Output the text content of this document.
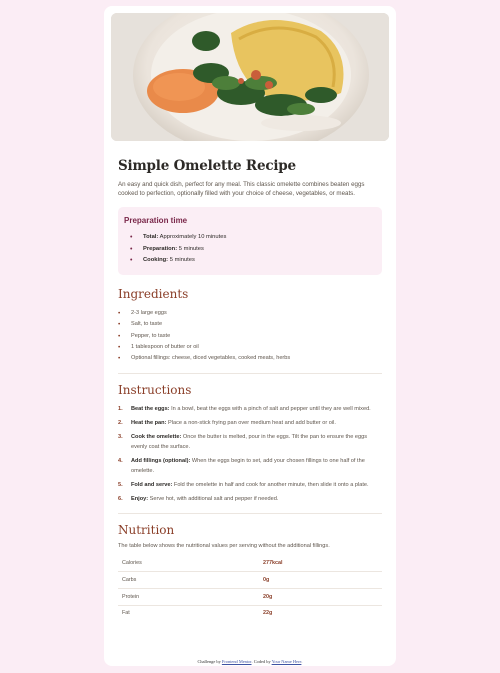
Simple Omelette Recipe

An easy and quick dish, perfect for any meal. This classic omelette combines beaten eggs cooked to perfection, optionally filled with your choice of cheese, vegetables, or meats.

Preparation time
• Total: Approximately 10 minutes
• Preparation: 5 minutes
• Cooking: 5 minutes
Ingredients
• 2-3 large eggs
• Salt, to taste
• Pepper, to taste
• 1 tablespoon of butter or oil
• Optional fillings: cheese, diced vegetables, cooked meats, herbs
Instructions
1. Beat the eggs: In a bowl, beat the eggs with a pinch of salt and pepper until they are well mixed.
2. Heat the pan: Place a non-stick frying pan over medium heat and add butter or oil.
3. Cook the omelette: Once the butter is melted, pour in the eggs. Tilt the pan to ensure the eggs evenly coat the surface.
4. Add fillings (optional): When the eggs begin to set, add your chosen fillings to one half of the omelette.
5. Fold and serve: Fold the omelette in half and cook for another minute, then slide it onto a plate.
6. Enjoy: Serve hot, with additional salt and pepper if needed.
Nutrition

The table below shows the nutritional values per serving without the additional fillings.

Calories	277kcal
Carbs	0g
Protein	20g
Fat	22g
Challenge by Frontend Mentor. Coded by Your Name Here.
